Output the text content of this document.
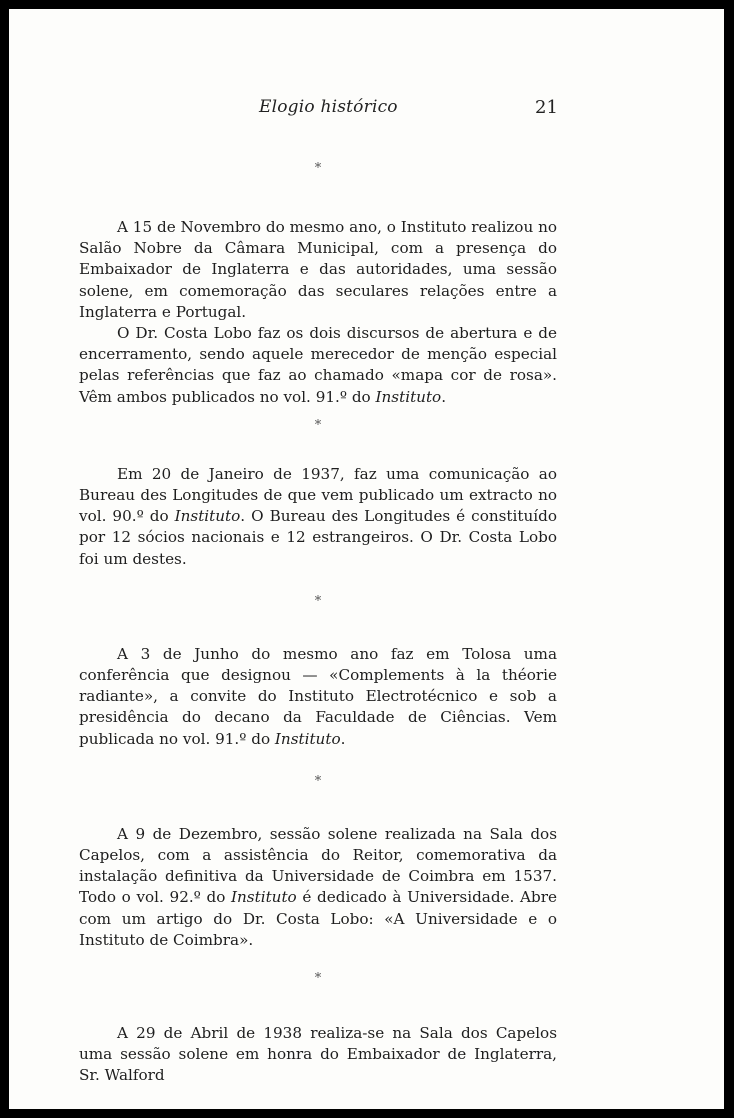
Elogio histórico	21
*

A 15 de Novembro do mesmo ano, o Instituto realizou no Salão Nobre da Câmara Municipal, com a presença do Embaixador de Inglaterra e das autoridades, uma sessão solene, em comemoração das seculares relações entre a Inglaterra e Portugal.

O Dr. Costa Lobo faz os dois discursos de abertura e de encerramento, sendo aquele merecedor de menção especial pelas referências que faz ao chamado «mapa cor de rosa». Vêm ambos publicados no vol. 91.º do Instituto.

*

Em 20 de Janeiro de 1937, faz uma comunicação ao Bureau des Longitudes de que vem publicado um extracto no vol. 90.º do Instituto. O Bureau des Longitudes é constituído por 12 sócios nacionais e 12 estrangeiros. O Dr. Costa Lobo foi um destes.

*

A 3 de Junho do mesmo ano faz em Tolosa uma conferência que designou — «Complements à la théorie radiante», a convite do Instituto Electrotécnico e sob a presidência do decano da Faculdade de Ciências. Vem publicada no vol. 91.º do Instituto.

*

A 9 de Dezembro, sessão solene realizada na Sala dos Capelos, com a assistência do Reitor, comemorativa da instalação definitiva da Universidade de Coimbra em 1537. Todo o vol. 92.º do Instituto é dedicado à Universidade. Abre com um artigo do Dr. Costa Lobo: «A Universidade e o Instituto de Coimbra».

*

A 29 de Abril de 1938 realiza-se na Sala dos Capelos uma sessão solene em honra do Embaixador de Inglaterra, Sr. Walford
